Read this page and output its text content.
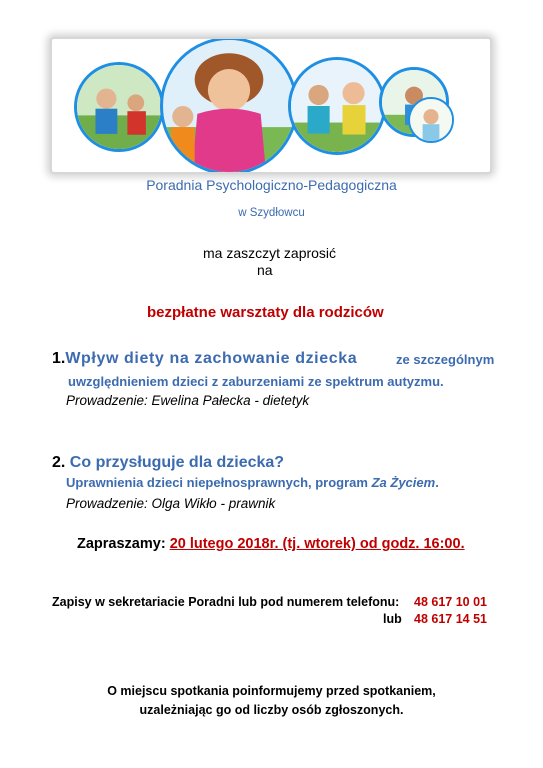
Poradnia Psychologiczno-Pedagogiczna
w Szydłowcu
ma zaszczyt zaprosić
na
bezpłatne warsztaty dla rodziców
1.Wpływ diety na zachowanie dziecka	ze szczególnym
uwzględnieniem dzieci z zaburzeniami ze spektrum autyzmu.
Prowadzenie: Ewelina Pałecka - dietetyk
2. Co przysługuje dla dziecka?
Uprawnienia dzieci niepełnosprawnych, program Za Życiem.
Prowadzenie: Olga Wikło - prawnik
Zapraszamy: 20 lutego 2018r. (tj. wtorek) od godz. 16:00.
Zapisy w sekretariacie Poradni lub pod numerem telefonu: 48 617 10 01
lub 48 617 14 51
O miejscu spotkania poinformujemy przed spotkaniem,
uzależniając go od liczby osób zgłoszonych.
